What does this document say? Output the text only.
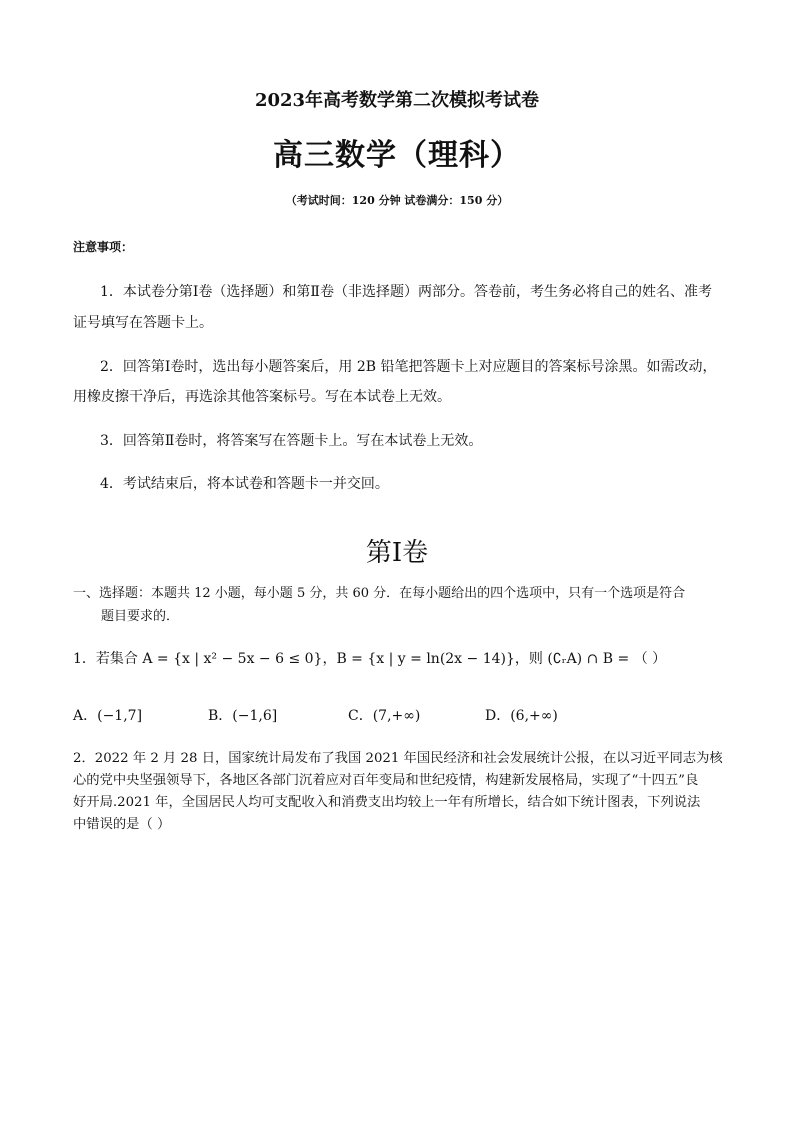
2023年高考数学第二次模拟考试卷
高三数学（理科）
（考试时间：120 分钟 试卷满分：150 分）
注意事项：
1．本试卷分第Ⅰ卷（选择题）和第Ⅱ卷（非选择题）两部分。答卷前，考生务必将自己的姓名、准考
证号填写在答题卡上。
2．回答第Ⅰ卷时，选出每小题答案后，用 2B 铅笔把答题卡上对应题目的答案标号涂黑。如需改动，
用橡皮擦干净后，再选涂其他答案标号。写在本试卷上无效。
3．回答第Ⅱ卷时，将答案写在答题卡上。写在本试卷上无效。
4．考试结束后，将本试卷和答题卡一并交回。
第Ⅰ卷
一、选择题：本题共 12 小题，每小题 5 分，共 60 分．在每小题给出的四个选项中，只有一个选项是符合
题目要求的．
1．若集合 A = {x | x² − 5x − 6 ≤ 0}，B = {x | y = ln(2x − 14)}，则 (∁ᵣA) ∩ B = （ ）
A．(−1,7]	B．(−1,6]	C．(7,+∞)	D．(6,+∞)
2．2022 年 2 月 28 日，国家统计局发布了我国 2021 年国民经济和社会发展统计公报，在以习近平同志为核
心的党中央坚强领导下，各地区各部门沉着应对百年变局和世纪疫情，构建新发展格局，实现了“十四五”良
好开局.2021 年，全国居民人均可支配收入和消费支出均较上一年有所增长，结合如下统计图表，下列说法
中错误的是（ ）
